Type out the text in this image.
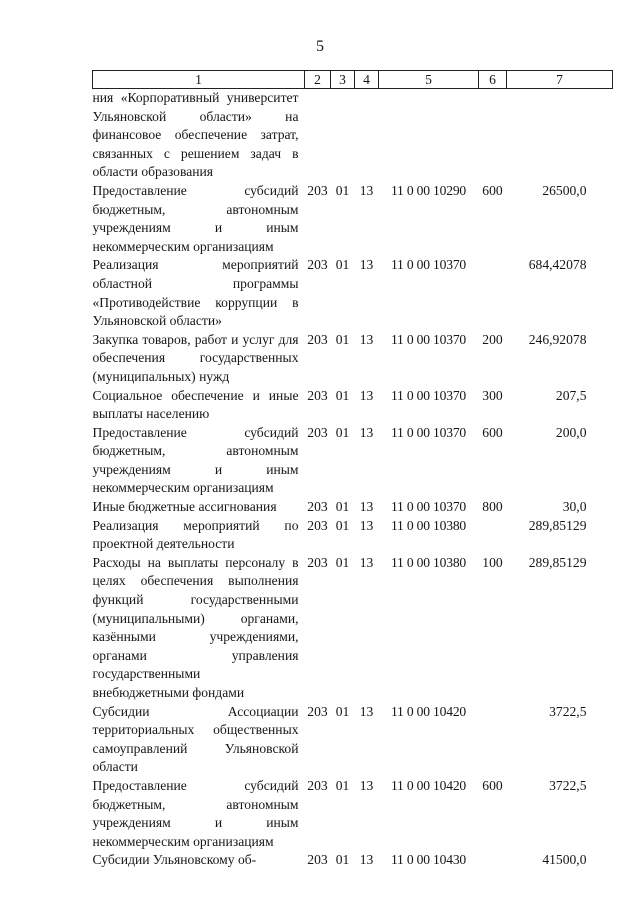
5
1	2	3	4	5	6	7
ния «Корпоративный университет Ульяновской области» на финансовое обеспечение затрат, связанных с решением задач в области образования						
Предоставление субсидий бюджетным, автономным учреждениям и иным некоммерческим организациям	203	01	13	11 0 00 10290	600	26500,0
Реализация мероприятий областной программы «Противодействие коррупции в Ульяновской области»	203	01	13	11 0 00 10370		684,42078
Закупка товаров, работ и услуг для обеспечения государственных (муниципальных) нужд	203	01	13	11 0 00 10370	200	246,92078
Социальное обеспечение и иные выплаты населению	203	01	13	11 0 00 10370	300	207,5
Предоставление субсидий бюджетным, автономным учреждениям и иным некоммерческим организациям	203	01	13	11 0 00 10370	600	200,0
Иные бюджетные ассигнования	203	01	13	11 0 00 10370	800	30,0
Реализация мероприятий по проектной деятельности	203	01	13	11 0 00 10380		289,85129
Расходы на выплаты персоналу в целях обеспечения выполнения функций государственными (муниципальными) органами, казёнными учреждениями, органами управления государственными внебюджетными фондами	203	01	13	11 0 00 10380	100	289,85129
Субсидии Ассоциации территориальных общественных самоуправлений Ульяновской области	203	01	13	11 0 00 10420		3722,5
Предоставление субсидий бюджетным, автономным учреждениям и иным некоммерческим организациям	203	01	13	11 0 00 10420	600	3722,5
Субсидии Ульяновскому об-	203	01	13	11 0 00 10430		41500,0
